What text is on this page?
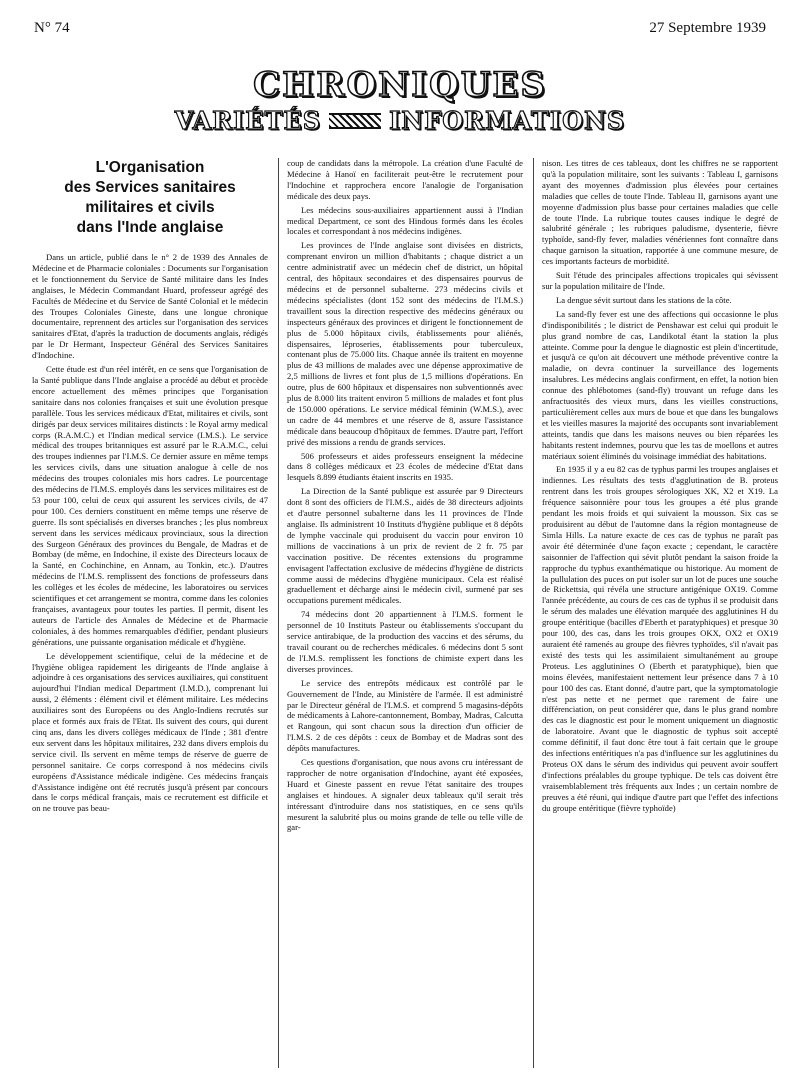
N° 74	27 Septembre 1939
CHRONIQUES
VARIÉTÉS	INFORMATIONS
L'Organisation
des Services sanitaires
militaires et civils
dans l'Inde anglaise

Dans un article, publié dans le n° 2 de 1939 des Annales de Médecine et de Pharmacie coloniales : Documents sur l'organisation et le fonctionnement du Service de Santé militaire dans les Indes anglaises, le Médecin Commandant Huard, professeur agrégé des Facultés de Médecine et du Service de Santé Colonial et le médecin des Troupes Coloniales Gineste, dans une longue chronique documentaire, reprennent des articles sur l'organisation des services sanitaires d'Etat, d'après la traduction de documents anglais, rédigés par le Dr Hermant, Inspecteur Général des Services Sanitaires d'Indochine.

Cette étude est d'un réel intérêt, en ce sens que l'organisation de la Santé publique dans l'Inde anglaise a procédé au début et procède encore actuellement des mêmes principes que l'organisation sanitaire dans nos colonies françaises et suit une évolution presque parallèle. Tous les services médicaux d'Etat, militaires et civils, sont dirigés par deux services militaires distincts : le Royal army medical corps (R.A.M.C.) et l'Indian medical service (I.M.S.). Le service médical des troupes britanniques est assuré par le R.A.M.C., celui des troupes indiennes par l'I.M.S. Ce dernier assure en même temps les services civils, dans une situation analogue à celle de nos médecins des troupes coloniales mis hors cadres. Le pourcentage des médecins de l'I.M.S. employés dans les services militaires est de 53 pour 100, celui de ceux qui assurent les services civils, de 47 pour 100. Ces derniers constituent en même temps une réserve de guerre. Ils sont spécialisés en diverses branches ; les plus nombreux servent dans les services médicaux provinciaux, sous la direction des Surgeon Généraux des provinces du Bengale, de Madras et de Bombay (de même, en Indochine, il existe des Directeurs locaux de la Santé, en Cochinchine, en Annam, au Tonkin, etc.). D'autres médecins de l'I.M.S. remplissent des fonctions de professeurs dans les collèges et les écoles de médecine, les laboratoires ou services scientifiques et cet arrangement se montra, comme dans les colonies françaises, avantageux pour toutes les parties. Il permit, disent les auteurs de l'article des Annales de Médecine et de Pharmacie coloniales, à des hommes remarquables d'édifier, pendant plusieurs générations, une puissante organisation médicale et d'hygiène.

Le développement scientifique, celui de la médecine et de l'hygiène obligea rapidement les dirigeants de l'Inde anglaise à adjoindre à ces organisations des services auxiliaires, qui constituent aujourd'hui l'Indian medical Department (I.M.D.), comprenant lui aussi, 2 éléments : élément civil et élément militaire. Les médecins auxiliaires sont des Européens ou des Anglo-Indiens recrutés sur place et formés aux frais de l'Etat. Ils suivent des cours, qui durent cinq ans, dans les divers collèges médicaux de l'Inde ; 381 d'entre eux servent dans les hôpitaux militaires, 232 dans divers emplois du service civil. Ils servent en même temps de réserve de guerre de personnel sanitaire. Ce corps correspond à nos médecins civils européens d'Assistance médicale indigène. Ces médecins français d'Assistance indigène ont été recrutés jusqu'à présent par concours dans le corps médical français, mais ce recrutement est difficile et on ne trouve pas beau-

coup de candidats dans la métropole. La création d'une Faculté de Médecine à Hanoï en faciliterait peut-être le recrutement pour l'Indochine et rapprochera encore l'analogie de l'organisation médicale des deux pays.

Les médecins sous-auxiliaires appartiennent aussi à l'Indian medical Department, ce sont des Hindous formés dans les écoles locales et correspondant à nos médecins indigènes.

Les provinces de l'Inde anglaise sont divisées en districts, comprenant environ un million d'habitants ; chaque district a un centre administratif avec un médecin chef de district, un hôpital central, des hôpitaux secondaires et des dispensaires pourvus de médecins et de personnel subalterne. 273 médecins civils et médecins spécialistes (dont 152 sont des médecins de l'I.M.S.) travaillent sous la direction respective des médecins généraux ou inspecteurs généraux des provinces et dirigent le fonctionnement de plus de 5.000 hôpitaux civils, établissements pour aliénés, dispensaires, léproseries, établissements pour tuberculeux, contenant plus de 75.000 lits. Chaque année ils traitent en moyenne plus de 43 millions de malades avec une dépense approximative de 2,5 millions de livres et font plus de 1,5 millions d'opérations. En outre, plus de 600 hôpitaux et dispensaires non subventionnés avec plus de 8.000 lits traitent environ 5 millions de malades et font plus de 150.000 opérations. Le service médical féminin (W.M.S.), avec un cadre de 44 membres et une réserve de 8, assure l'assistance médicale dans beaucoup d'hôpitaux de femmes. D'autre part, l'effort privé des missions a rendu de grands services.

506 professeurs et aides professeurs enseignent la médecine dans 8 collèges médicaux et 23 écoles de médecine d'Etat dans lesquels 8.899 étudiants étaient inscrits en 1935.

La Direction de la Santé publique est assurée par 9 Directeurs dont 8 sont des officiers de l'I.M.S., aidés de 38 directeurs adjoints et d'autre personnel subalterne dans les 11 provinces de l'Inde anglaise. Ils administrent 10 Instituts d'hygiène publique et 8 dépôts de lymphe vaccinale qui produisent du vaccin pour environ 10 millions de vaccinations à un prix de revient de 2 fr. 75 par vaccination positive. De récentes extensions du programme envisagent l'affectation exclusive de médecins d'hygiène de districts comme aussi de médecins d'hygiène municipaux. Cela est réalisé graduellement et décharge ainsi le médecin civil, surmené par ses occupations purement médicales.

74 médecins dont 20 appartiennent à l'I.M.S. forment le personnel de 10 Instituts Pasteur ou établissements s'occupant du service antirabique, de la production des vaccins et des sérums, du travail courant ou de recherches médicales. 6 médecins dont 5 sont de l'I.M.S. remplissent les fonctions de chimiste expert dans les diverses provinces.

Le service des entrepôts médicaux est contrôlé par le Gouvernement de l'Inde, au Ministère de l'armée. Il est administré par le Directeur général de l'I.M.S. et comprend 5 magasins-dépôts de médicaments à Lahore-cantonnement, Bombay, Madras, Calcutta et Rangoun, qui sont chacun sous la direction d'un officier de l'I.M.S. 2 de ces dépôts : ceux de Bombay et de Madras sont des dépôts manufactures.

Ces questions d'organisation, que nous avons cru intéressant de rapprocher de notre organisation d'Indochine, ayant été exposées, Huard et Gineste passent en revue l'état sanitaire des troupes anglaises et hindoues. A signaler deux tableaux qu'il serait très intéressant d'introduire dans nos statistiques, en ce sens qu'ils mesurent la salubrité plus ou moins grande de telle ou telle ville de gar-

nison. Les titres de ces tableaux, dont les chiffres ne se rapportent qu'à la population militaire, sont les suivants : Tableau I, garnisons ayant des moyennes d'admission plus élevées pour certaines maladies que celles de toute l'Inde. Tableau II, garnisons ayant une moyenne d'admission plus basse pour certaines maladies que celle de toute l'Inde. La rubrique toutes causes indique le degré de salubrité générale ; les rubriques paludisme, dysenterie, fièvre typhoïde, sand-fly fever, maladies vénériennes font connaître dans chaque garnison la situation, rapportée à une commune mesure, de ces importants facteurs de morbidité.

Suit l'étude des principales affections tropicales qui sévissent sur la population militaire de l'Inde.

La dengue sévit surtout dans les stations de la côte.

La sand-fly fever est une des affections qui occasionne le plus d'indisponibilités ; le district de Penshawar est celui qui produit le plus grand nombre de cas, Landikotal étant la station la plus atteinte. Comme pour la dengue le diagnostic est plein d'incertitude, et jusqu'à ce qu'on ait découvert une méthode préventive contre la maladie, on devra continuer la surveillance des logements insalubres. Les médecins anglais confirment, en effet, la notion bien connue des phlébotomes (sand-fly) trouvant un refuge dans les anfractuosités des vieux murs, dans les vieilles constructions, particulièrement celles aux murs de boue et que dans les bungalows et les vieilles masures la majorité des occupants sont invariablement atteints, tandis que dans les maisons neuves ou bien réparées les habitants restent indemnes, pourvu que les tas de moellons et autres matériaux soient éliminés du voisinage immédiat des habitations.

En 1935 il y a eu 82 cas de typhus parmi les troupes anglaises et indiennes. Les résultats des tests d'agglutination de B. proteus rentrent dans les trois groupes sérologiques XK, X2 et X19. La fréquence saisonnière pour tous les groupes a été plus grande pendant les mois froids et qui suivaient la mousson. Six cas se produisirent au début de l'automne dans la région montagneuse de Simla Hills. La nature exacte de ces cas de typhus ne paraît pas avoir été déterminée d'une façon exacte ; cependant, le caractère saisonnier de l'affection qui sévit plutôt pendant la saison froide la rapproche du typhus exanthématique ou historique. Au moment de la pullulation des puces on put isoler sur un lot de puces une souche de Rickettsia, qui révéla une structure antigénique OX19. Comme l'année précédente, au cours de ces cas de typhus il se produisit dans le sérum des malades une élévation marquée des agglutinines H du groupe entéritique (bacilles d'Eberth et paratyphiques) et presque 30 pour 100, des cas, dans les trois groupes OKX, OX2 et OX19 auraient été ramenés au groupe des fièvres typhoïdes, s'il n'avait pas existé des tests qui les assimilaient simultanément au groupe Proteus. Les agglutinines O (Eberth et paratyphique), bien que moins élevées, manifestaient nettement leur présence dans 7 à 10 pour 100 des cas. Etant donné, d'autre part, que la symptomatologie n'est pas nette et ne permet que rarement de faire une différenciation, on peut considérer que, dans le plus grand nombre des cas le diagnostic est pour le moment uniquement un diagnostic de laboratoire. Avant que le diagnostic de typhus soit accepté comme définitif, il faut donc être tout à fait certain que le groupe des infections entéritiques n'a pas d'influence sur les agglutinines du Proteus OX dans le sérum des individus qui peuvent avoir souffert d'infections préalables du groupe typhique. De tels cas doivent être vraisemblablement très fréquents aux Indes ; un certain nombre de preuves a été réuni, qui indique d'autre part que l'effet des infections du groupe entéritique (fièvre typhoïde)
